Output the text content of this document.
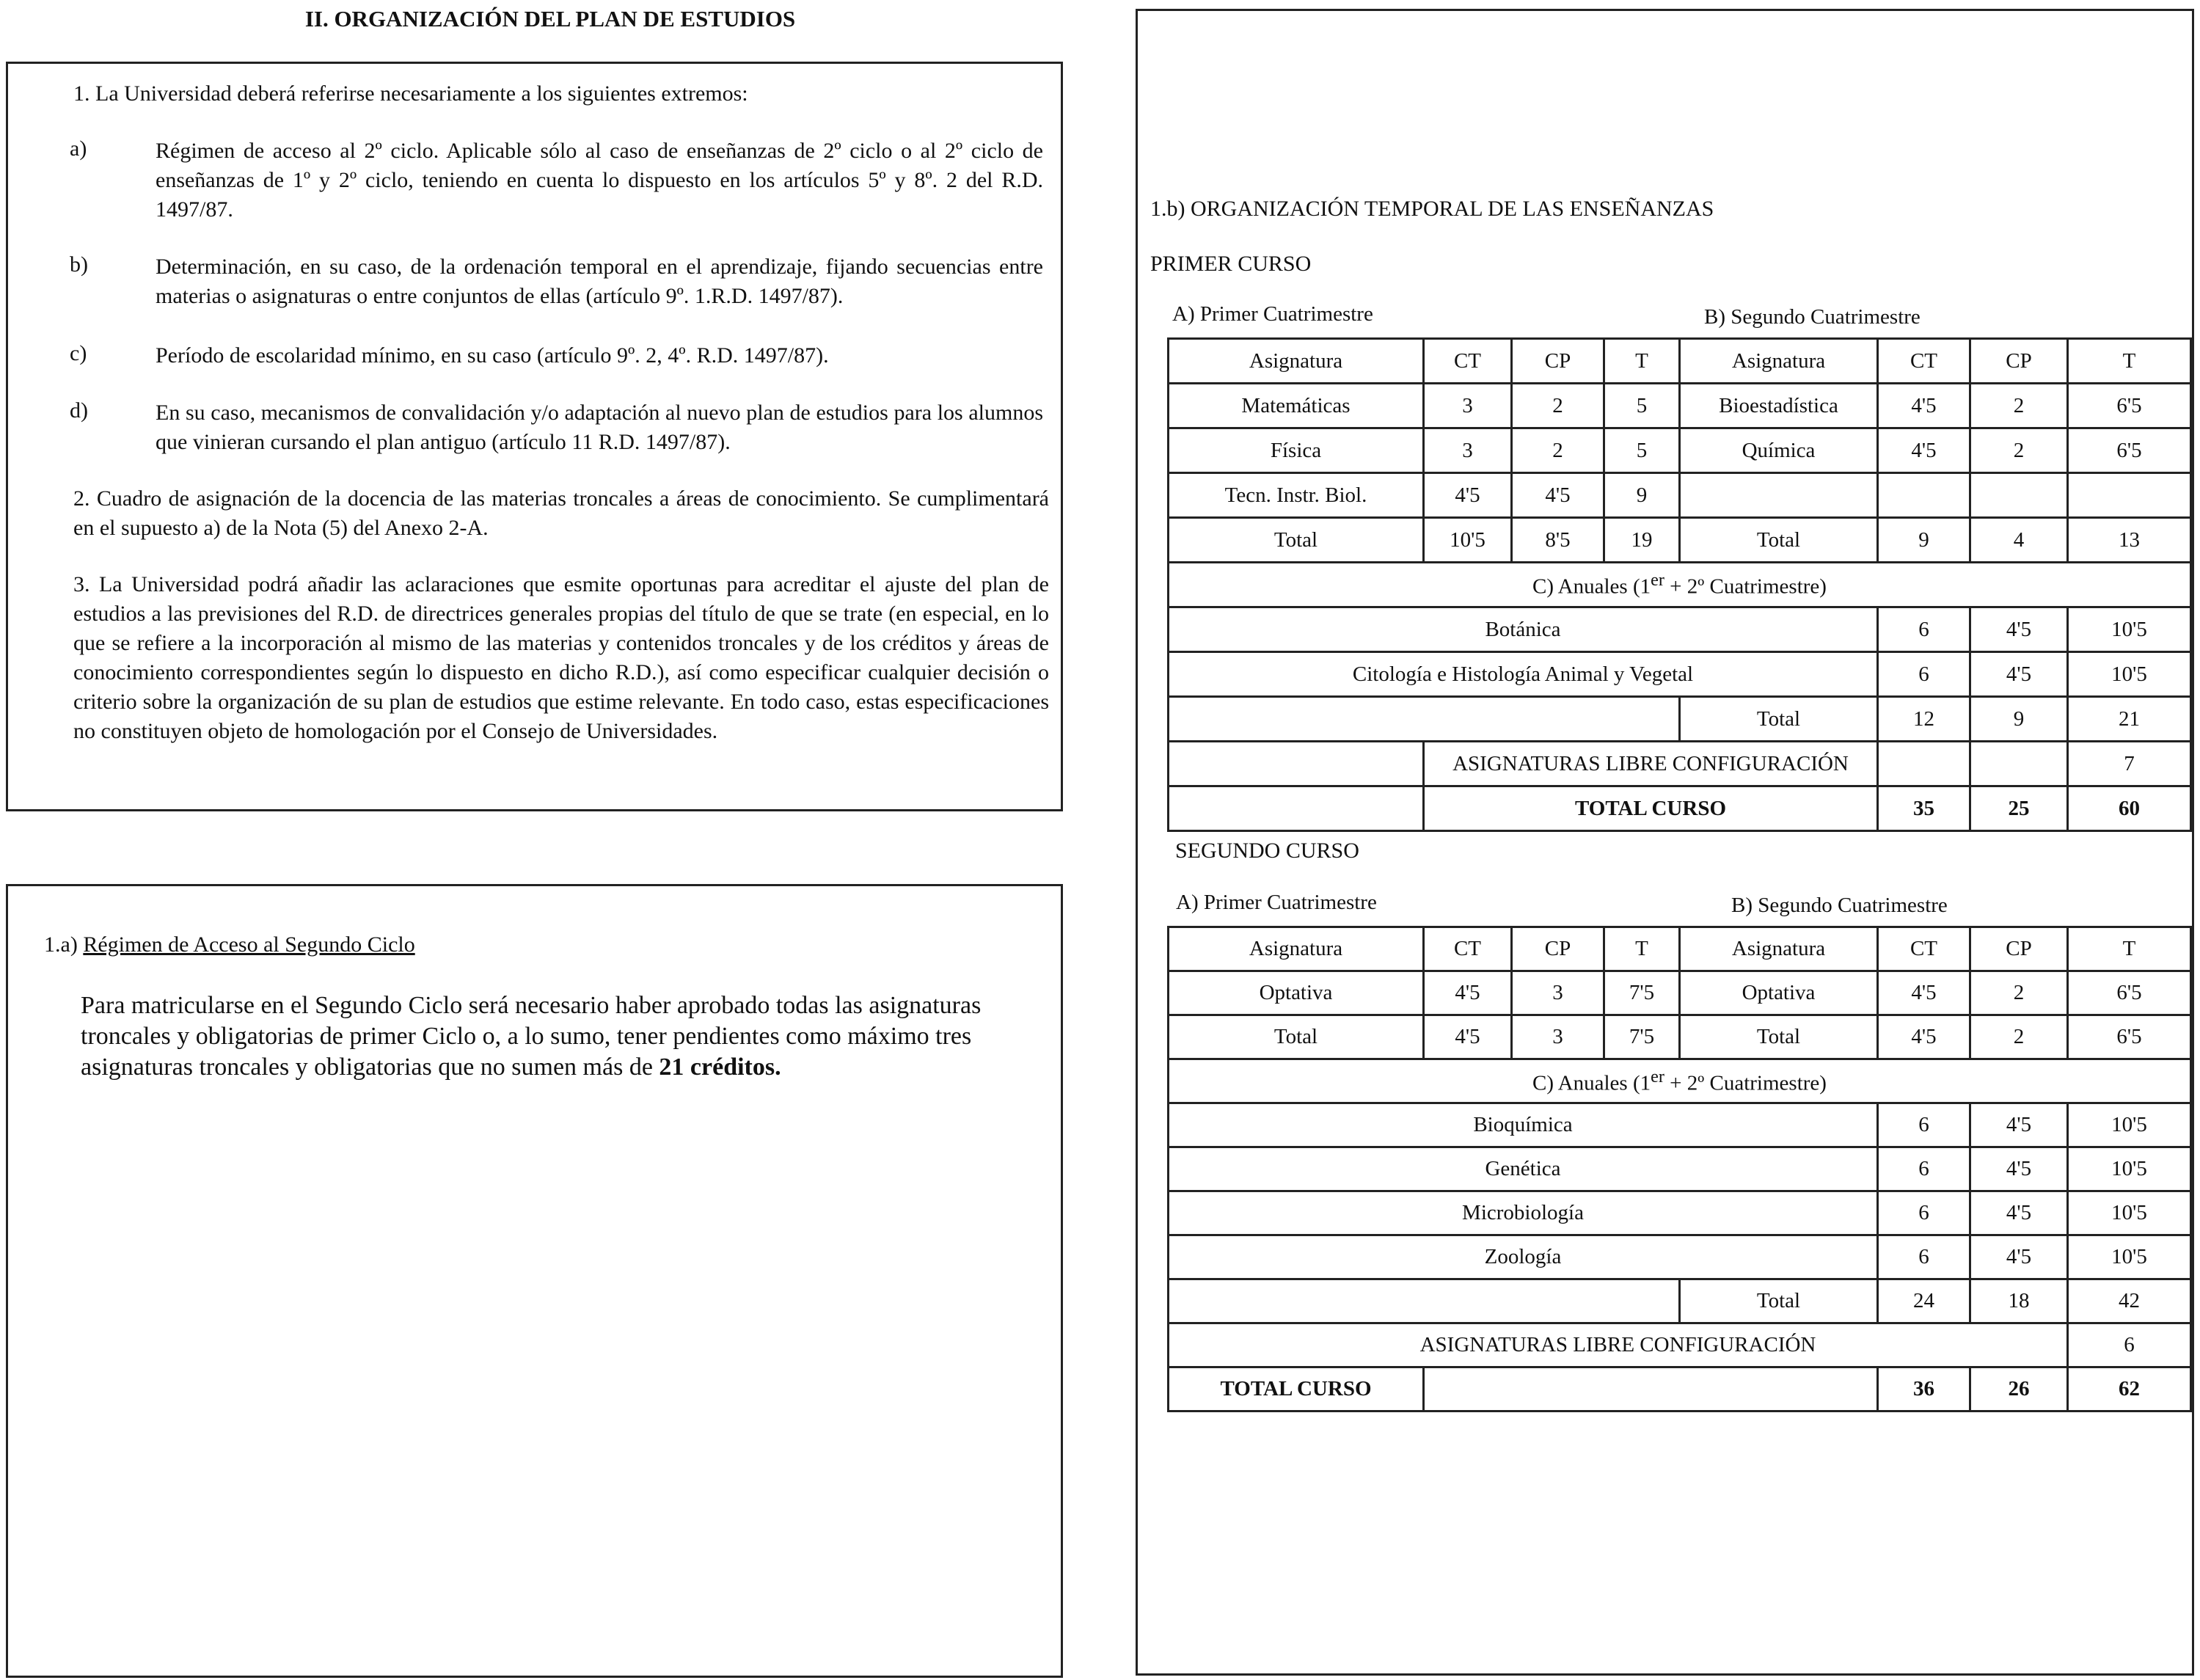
II. ORGANIZACIÓN DEL PLAN DE ESTUDIOS
1. La Universidad deberá referirse necesariamente a los siguientes extremos:
a)	Régimen de acceso al 2º ciclo. Aplicable sólo al caso de enseñanzas de 2º ciclo o al 2º ciclo de enseñanzas de 1º y 2º ciclo, teniendo en cuenta lo dispuesto en los artículos 5º y 8º. 2 del R.D. 1497/87.
b)	Determinación, en su caso, de la ordenación temporal en el aprendizaje, fijando secuencias entre materias o asignaturas o entre conjuntos de ellas (artículo 9º. 1.R.D. 1497/87).
c)	Período de escolaridad mínimo, en su caso (artículo 9º. 2, 4º. R.D. 1497/87).
d)	En su caso, mecanismos de convalidación y/o adaptación al nuevo plan de estudios para los alumnos que vinieran cursando el plan antiguo (artículo 11 R.D. 1497/87).
2. Cuadro de asignación de la docencia de las materias troncales a áreas de conocimiento. Se cumplimentará en el supuesto a) de la Nota (5) del Anexo 2-A.
3. La Universidad podrá añadir las aclaraciones que esmite oportunas para acreditar el ajuste del plan de estudios a las previsiones del R.D. de directrices generales propias del título de que se trate (en especial, en lo que se refiere a la incorporación al mismo de las materias y contenidos troncales y de los créditos y áreas de conocimiento correspondientes según lo dispuesto en dicho R.D.), así como especificar cualquier decisión o criterio sobre la organización de su plan de estudios que estime relevante. En todo caso, estas especificaciones no constituyen objeto de homologación por el Consejo de Universidades.
1.a) Régimen de Acceso al Segundo Ciclo
Para matricularse en el Segundo Ciclo será necesario haber aprobado todas las asignaturas troncales y obligatorias de primer Ciclo o, a lo sumo, tener pendientes como máximo tres asignaturas troncales y obligatorias que no sumen más de 21 créditos.
1.b) ORGANIZACIÓN TEMPORAL DE LAS ENSEÑANZAS
PRIMER CURSO
A) Primer Cuatrimestre	B) Segundo Cuatrimestre
Asignatura	CT	CP	T	Asignatura	CT	CP	T
Matemáticas	3	2	5	Bioestadística	4'5	2	6'5
Física	3	2	5	Química	4'5	2	6'5
Tecn. Instr. Biol.	4'5	4'5	9				
Total	10'5	8'5	19	Total	9	4	13
C) Anuales (1er + 2º Cuatrimestre)							
Botánica					6	4'5	10'5
Citología e Histología Animal y Vegetal					6	4'5	10'5
				Total	12	9	21
	ASIGNATURAS LIBRE CONFIGURACIÓN						7
	TOTAL CURSO				35	25	60
SEGUNDO CURSO
A) Primer Cuatrimestre	B) Segundo Cuatrimestre
Asignatura	CT	CP	T	Asignatura	CT	CP	T
Optativa	4'5	3	7'5	Optativa	4'5	2	6'5
Total	4'5	3	7'5	Total	4'5	2	6'5
C) Anuales (1er + 2º Cuatrimestre)							
Bioquímica					6	4'5	10'5
Genética					6	4'5	10'5
Microbiología					6	4'5	10'5
Zoología					6	4'5	10'5
				Total	24	18	42
ASIGNATURAS LIBRE CONFIGURACIÓN							6
TOTAL CURSO					36	26	62
